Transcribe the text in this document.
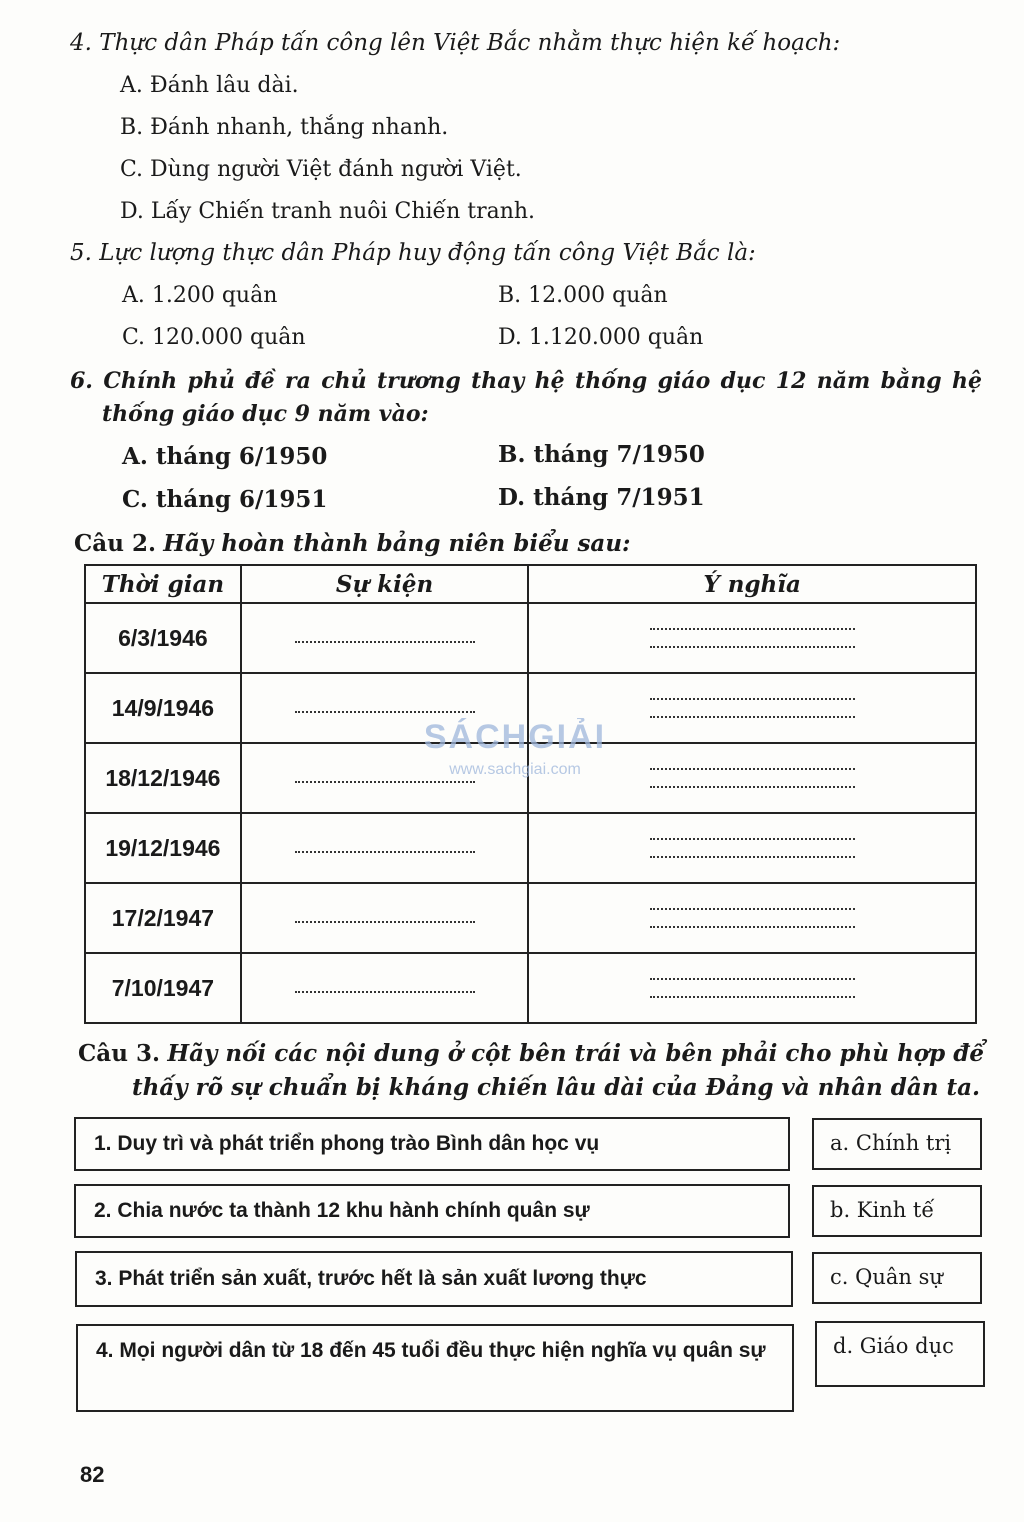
4. Thực dân Pháp tấn công lên Việt Bắc nhằm thực hiện kế hoạch:
A. Đánh lâu dài.
B. Đánh nhanh, thắng nhanh.
C. Dùng người Việt đánh người Việt.
D. Lấy Chiến tranh nuôi Chiến tranh.
5. Lực lượng thực dân Pháp huy động tấn công Việt Bắc là:
A. 1.200 quân	B. 12.000 quân
C. 120.000 quân	D. 1.120.000 quân
6. Chính phủ đề ra chủ trương thay hệ thống giáo dục 12 năm bằng hệ
thống giáo dục 9 năm vào:
A. tháng 6/1950	B. tháng 7/1950
C. tháng 6/1951	D. tháng 7/1951
Câu 2. Hãy hoàn thành bảng niên biểu sau:
Thời gian	Sự kiện	Ý nghĩa
6/3/1946	

14/9/1946	

18/12/1946	

19/12/1946	

17/2/1947	

7/10/1947	

SÁCHGIẢI
www.sachgiai.com
Câu 3. Hãy nối các nội dung ở cột bên trái và bên phải cho phù hợp để
thấy rõ sự chuẩn bị kháng chiến lâu dài của Đảng và nhân dân ta.
1. Duy trì và phát triển phong trào Bình dân học vụ
2. Chia nước ta thành 12 khu hành chính quân sự
3. Phát triển sản xuất, trước hết là sản xuất lương thực
4. Mọi người dân từ 18 đến 45 tuổi đều thực hiện nghĩa vụ quân sự
a. Chính trị
b. Kinh tế
c. Quân sự
d. Giáo dục
82
